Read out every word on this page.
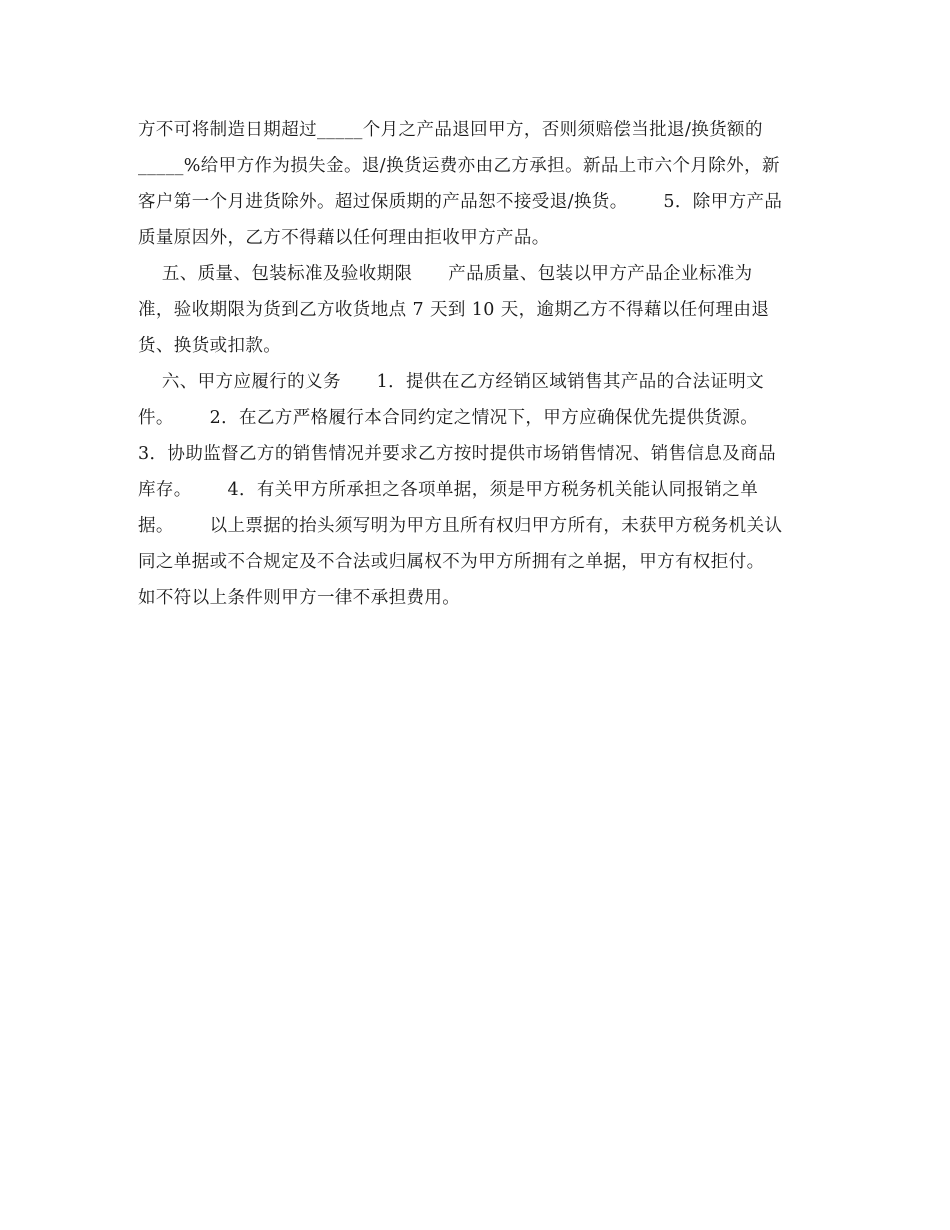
方不可将制造日期超过_____个月之产品退回甲方，否则须赔偿当批退/换货额的
_____%给甲方作为损失金。退/换货运费亦由乙方承担。新品上市六个月除外，新
客户第一个月进货除外。超过保质期的产品恕不接受退/换货。      5．除甲方产品
质量原因外，乙方不得藉以任何理由拒收甲方产品。
五、质量、包装标准及验收期限      产品质量、包装以甲方产品企业标准为
准，验收期限为货到乙方收货地点 7 天到 10 天，逾期乙方不得藉以任何理由退
货、换货或扣款。
六、甲方应履行的义务      1．提供在乙方经销区域销售其产品的合法证明文
件。      2．在乙方严格履行本合同约定之情况下，甲方应确保优先提供货源。
3．协助监督乙方的销售情况并要求乙方按时提供市场销售情况、销售信息及商品
库存。      4．有关甲方所承担之各项单据，须是甲方税务机关能认同报销之单
据。      以上票据的抬头须写明为甲方且所有权归甲方所有，未获甲方税务机关认
同之单据或不合规定及不合法或归属权不为甲方所拥有之单据，甲方有权拒付。
如不符以上条件则甲方一律不承担费用。
